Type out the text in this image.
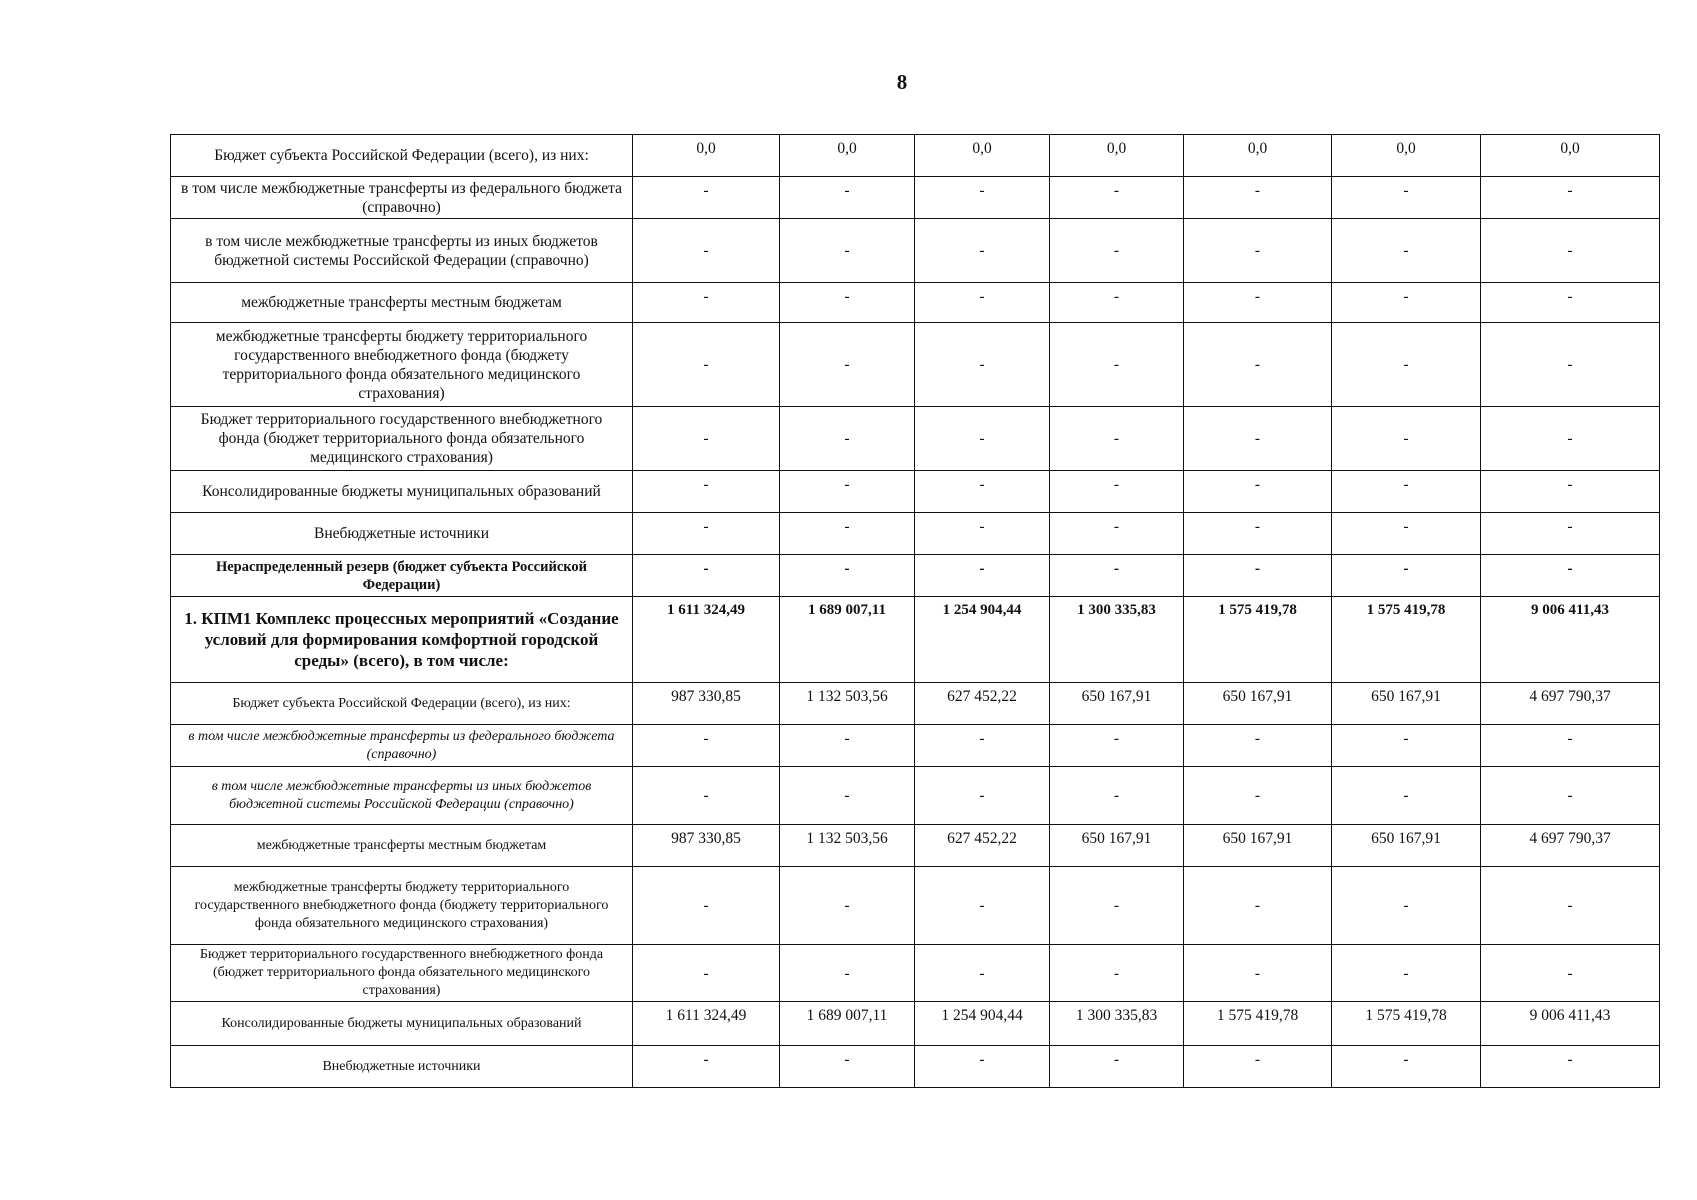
8
Бюджет субъекта Российской Федерации (всего), из них:	0,0	0,0	0,0	0,0	0,0	0,0	0,0
в том числе межбюджетные трансферты из федерального бюджета (справочно)	-	-	-	-	-	-	-
в том числе межбюджетные трансферты из иных бюджетов бюджетной системы Российской Федерации (справочно)	-	-	-	-	-	-	-
межбюджетные трансферты местным бюджетам	-	-	-	-	-	-	-
межбюджетные трансферты бюджету территориального государственного внебюджетного фонда (бюджету территориального фонда обязательного медицинского страхования)	-	-	-	-	-	-	-
Бюджет территориального государственного внебюджетного фонда (бюджет территориального фонда обязательного медицинского страхования)	-	-	-	-	-	-	-
Консолидированные бюджеты муниципальных образований	-	-	-	-	-	-	-
Внебюджетные источники	-	-	-	-	-	-	-
Нераспределенный резерв (бюджет субъекта Российской Федерации)	-	-	-	-	-	-	-
1. КПМ1 Комплекс процессных мероприятий «Создание условий для формирования комфортной городской среды» (всего), в том числе:	1 611 324,49	1 689 007,11	1 254 904,44	1 300 335,83	1 575 419,78	1 575 419,78	9 006 411,43
Бюджет субъекта Российской Федерации (всего), из них:	987 330,85	1 132 503,56	627 452,22	650 167,91	650 167,91	650 167,91	4 697 790,37
в том числе межбюджетные трансферты из федерального бюджета (справочно)	-	-	-	-	-	-	-
в том числе межбюджетные трансферты из иных бюджетов бюджетной системы Российской Федерации (справочно)	-	-	-	-	-	-	-
межбюджетные трансферты местным бюджетам	987 330,85	1 132 503,56	627 452,22	650 167,91	650 167,91	650 167,91	4 697 790,37
межбюджетные трансферты бюджету территориального государственного внебюджетного фонда (бюджету территориального фонда обязательного медицинского страхования)	-	-	-	-	-	-	-
Бюджет территориального государственного внебюджетного фонда (бюджет территориального фонда обязательного медицинского страхования)	-	-	-	-	-	-	-
Консолидированные бюджеты муниципальных образований	1 611 324,49	1 689 007,11	1 254 904,44	1 300 335,83	1 575 419,78	1 575 419,78	9 006 411,43
Внебюджетные источники	-	-	-	-	-	-	-
